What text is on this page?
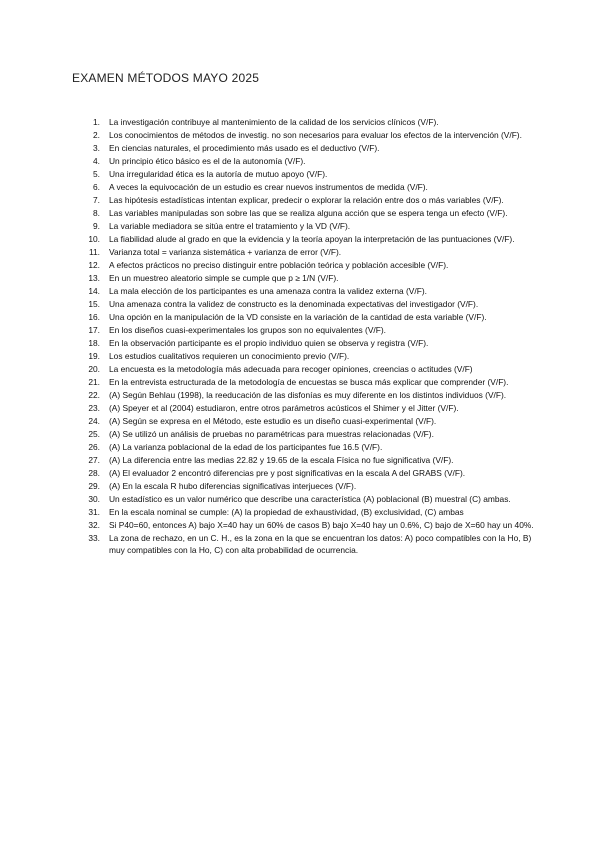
EXAMEN MÉTODOS MAYO 2025
1. La investigación contribuye al mantenimiento de la calidad de los servicios clínicos (V/F).
2. Los conocimientos de métodos de investig. no son necesarios para evaluar los efectos de la intervención (V/F).
3. En ciencias naturales, el procedimiento más usado es el deductivo (V/F).
4. Un principio ético básico es el de la autonomía (V/F).
5. Una irregularidad ética es la autoría de mutuo apoyo (V/F).
6. A veces la equivocación de un estudio es crear nuevos instrumentos de medida (V/F).
7. Las hipótesis estadísticas intentan explicar, predecir o explorar la relación entre dos o más variables (V/F).
8. Las variables manipuladas son sobre las que se realiza alguna acción que se espera tenga un efecto (V/F).
9. La variable mediadora se sitúa entre el tratamiento y la VD (V/F).
10. La fiabilidad alude al grado en que la evidencia y la teoría apoyan la interpretación de las puntuaciones (V/F).
11. Varianza total = varianza sistemática + varianza de error (V/F).
12. A efectos prácticos no preciso distinguir entre población teórica y población accesible (V/F).
13. En un muestreo aleatorio simple se cumple que p ≥ 1/N (V/F).
14. La mala elección de los participantes es una amenaza contra la validez externa (V/F).
15. Una amenaza contra la validez de constructo es la denominada expectativas del investigador (V/F).
16. Una opción en la manipulación de la VD consiste en la variación de la cantidad de esta variable (V/F).
17. En los diseños cuasi-experimentales los grupos son no equivalentes (V/F).
18. En la observación participante es el propio individuo quien se observa y registra (V/F).
19. Los estudios cualitativos requieren un conocimiento previo (V/F).
20. La encuesta es la metodología más adecuada para recoger opiniones, creencias o actitudes (V/F)
21. En la entrevista estructurada de la metodología de encuestas se busca más explicar que comprender (V/F).
22. (A) Según Behlau (1998), la reeducación de las disfonías es muy diferente en los distintos individuos (V/F).
23. (A) Speyer et al (2004) estudiaron, entre otros parámetros acústicos el Shimer y el Jitter (V/F).
24. (A) Según se expresa en el Método, este estudio es un diseño cuasi-experimental (V/F).
25. (A) Se utilizó un análisis de pruebas no paramétricas para muestras relacionadas (V/F).
26. (A) La varianza poblacional de la edad de los participantes fue 16.5 (V/F).
27. (A) La diferencia entre las medias 22.82 y 19.65 de la escala Física no fue significativa (V/F).
28. (A) El evaluador 2 encontró diferencias pre y post significativas en la escala A del GRABS (V/F).
29. (A) En la escala R hubo diferencias significativas interjueces (V/F).
30. Un estadístico es un valor numérico que describe una característica (A) poblacional (B) muestral (C) ambas.
31. En la escala nominal se cumple: (A) la propiedad de exhaustividad, (B) exclusividad, (C) ambas
32. Si P40=60, entonces A) bajo X=40 hay un 60% de casos B) bajo X=40 hay un 0.6%, C) bajo de X=60 hay un 40%.
33. La zona de rechazo, en un C. H., es la zona en la que se encuentran los datos: A) poco compatibles con la Ho, B) muy compatibles con la Ho, C) con alta probabilidad de ocurrencia.
